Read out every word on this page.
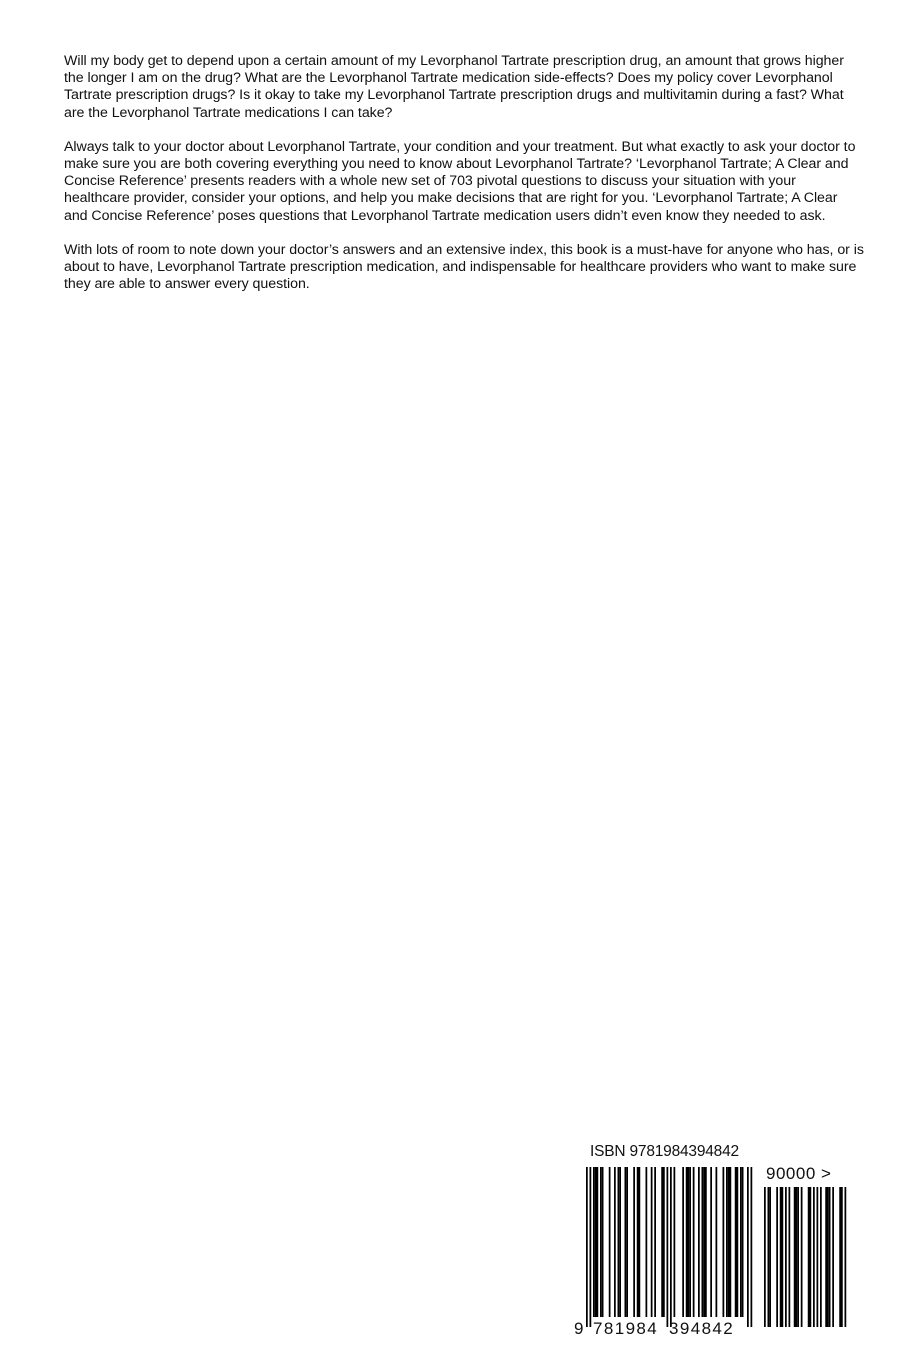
Will my body get to depend upon a certain amount of my Levorphanol Tartrate prescription drug, an amount that grows higher the longer I am on the drug? What are the Levorphanol Tartrate medication side-effects? Does my policy cover Levorphanol Tartrate prescription drugs? Is it okay to take my Levorphanol Tartrate prescription drugs and multivitamin during a fast? What are the Levorphanol Tartrate medications I can take?

Always talk to your doctor about Levorphanol Tartrate, your condition and your treatment. But what exactly to ask your doctor to make sure you are both covering everything you need to know about Levorphanol Tartrate? ‘Levorphanol Tartrate; A Clear and Concise Reference’ presents readers with a whole new set of 703 pivotal questions to discuss your situation with your healthcare provider, consider your options, and help you make decisions that are right for you. ‘Levorphanol Tartrate; A Clear and Concise Reference’ poses questions that Levorphanol Tartrate medication users didn’t even know they needed to ask.

With lots of room to note down your doctor’s answers and an extensive index, this book is a must-have for anyone who has, or is about to have, Levorphanol Tartrate prescription medication, and indispensable for healthcare providers who want to make sure they are able to answer every question.

ISBN 9781984394842
90000 >
9 781984 394842
